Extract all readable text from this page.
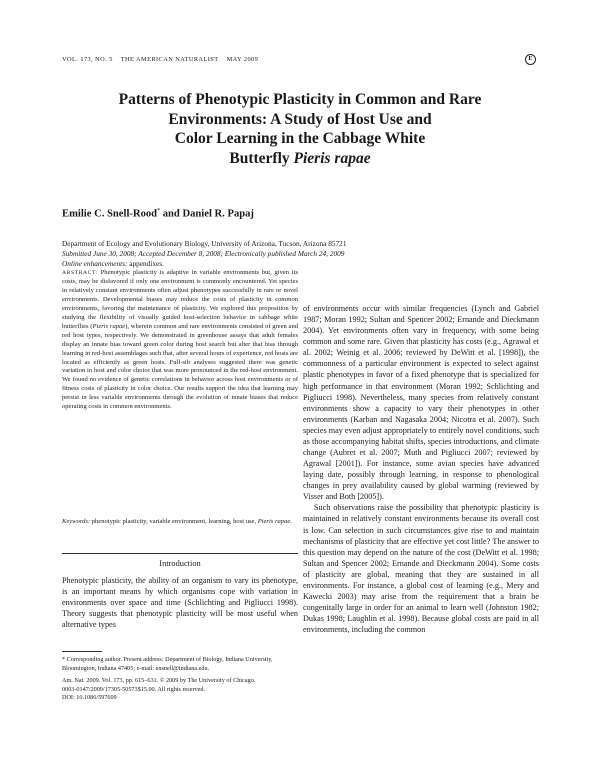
VOL. 173, NO. 5 THE AMERICAN NATURALIST MAY 2009	E
Patterns of Phenotypic Plasticity in Common and Rare
Environments: A Study of Host Use and
Color Learning in the Cabbage White
Butterfly Pieris rapae
Emilie C. Snell-Rood* and Daniel R. Papaj
Department of Ecology and Evolutionary Biology, University of Arizona, Tucson, Arizona 85721
Submitted June 30, 2008; Accepted December 8, 2008; Electronically published March 24, 2009
Online enhancements: appendixes.
ABSTRACT: Phenotypic plasticity is adaptive in variable environments but, given its costs, may be disfavored if only one environment is commonly encountered. Yet species in relatively constant environments often adjust phenotypes successfully in rare or novel environments. Developmental biases may reduce the costs of plasticity in common environments, favoring the maintenance of plasticity. We explored this proposition by studying the flexibility of visually guided host-selection behavior in cabbage white butterflies (Pieris rapae), wherein common and rare environments consisted of green and red host types, respectively. We demonstrated in greenhouse assays that adult females display an innate bias toward green color during host search but alter that bias through learning in red-host assemblages such that, after several hours of experience, red hosts are located as efficiently as green hosts. Full-sib analyses suggested there was genetic variation in host and color choice that was more pronounced in the red-host environment. We found no evidence of genetic correlations in behavior across host environments or of fitness costs of plasticity in color choice. Our results support the idea that learning may persist in less variable environments through the evolution of innate biases that reduce operating costs in common environments.
Keywords: phenotypic plasticity, variable environment, learning, host use, Pieris rapae.
Introduction

Phenotypic plasticity, the ability of an organism to vary its phenotype, is an important means by which organisms cope with variation in environments over space and time (Schlichting and Pigliucci 1998). Theory suggests that phenotypic plasticity will be most useful when alternative types

* Corresponding author. Present address: Department of Biology, Indiana University, Bloomington, Indiana 47405; e-mail: ensnell@indiana.edu.
Am. Nat. 2009. Vol. 173, pp. 615–631. © 2009 by The University of Chicago.
0003-0147/2009/17305-50573$15.00. All rights reserved.
DOI: 10.1086/597609

of environments occur with similar frequencies (Lynch and Gabriel 1987; Moran 1992; Sultan and Spencer 2002; Ernande and Dieckmann 2004). Yet environments often vary in frequency, with some being common and some rare. Given that plasticity has costs (e.g., Agrawal et al. 2002; Weinig et al. 2006; reviewed by DeWitt et al. [1998]), the commonness of a particular environment is expected to select against plastic phenotypes in favor of a fixed phenotype that is specialized for high performance in that environment (Moran 1992; Schlichting and Pigliucci 1998). Nevertheless, many species from relatively constant environments show a capacity to vary their phenotypes in other environments (Karban and Nagasaka 2004; Nicotra et al. 2007). Such species may even adjust appropriately to entirely novel conditions, such as those accompanying habitat shifts, species introductions, and climate change (Aubret et al. 2007; Muth and Pigliucci 2007; reviewed by Agrawal [2001]). For instance, some avian species have advanced laying date, possibly through learning, in response to phenological changes in prey availability caused by global warming (reviewed by Visser and Both [2005]).

Such observations raise the possibility that phenotypic plasticity is maintained in relatively constant environments because its overall cost is low. Can selection in such circumstances give rise to and maintain mechanisms of plasticity that are effective yet cost little? The answer to this question may depend on the nature of the cost (DeWitt et al. 1998; Sultan and Spencer 2002; Ernande and Dieckmann 2004). Some costs of plasticity are global, meaning that they are sustained in all environments. For instance, a global cost of learning (e.g., Mery and Kawecki 2003) may arise from the requirement that a brain be congenitally large in order for an animal to learn well (Johnston 1982; Dukas 1998; Laughlin et al. 1998). Because global costs are paid in all environments, including the common
